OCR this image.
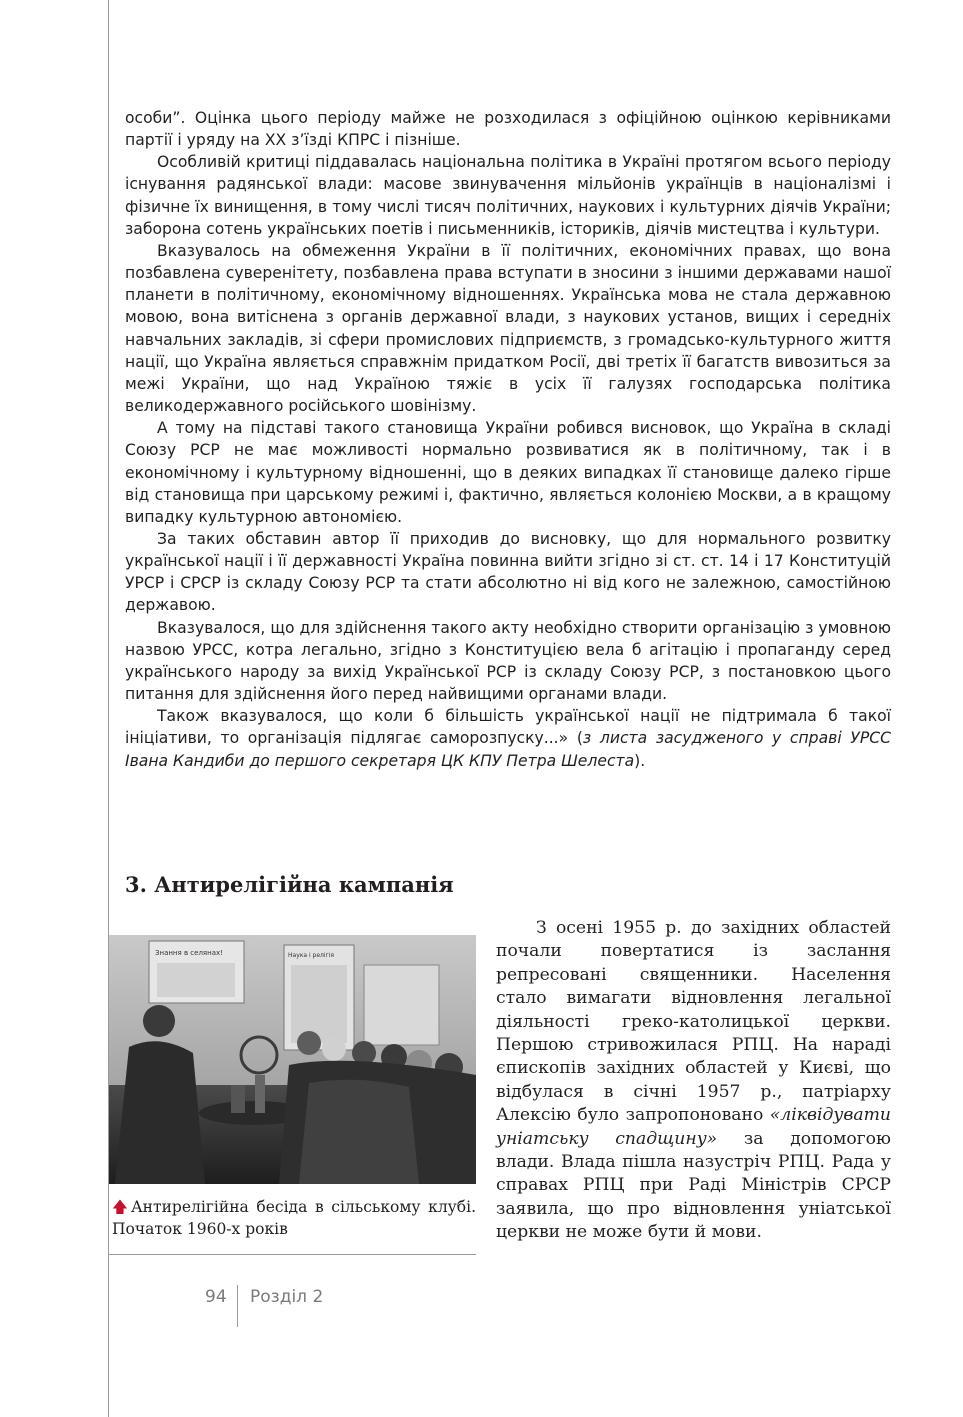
особи”. Оцінка цього періоду майже не розходилася з офіційною оцінкою керівниками партії і уряду на ХХ з’їзді КПРС і пізніше.

Особливій критиці піддавалась національна політика в Україні протягом всього періоду існування радянської влади: масове звинувачення мільйонів українців в націоналізмі і фізичне їх винищення, в тому числі тисяч політичних, наукових і культурних діячів України; заборона сотень українських поетів і письменників, істориків, діячів мистецтва і культури.

Вказувалось на обмеження України в її політичних, економічних правах, що вона позбавлена суверенітету, позбавлена права вступати в зносини з іншими державами нашої планети в політичному, економічному відношеннях. Українська мова не стала державною мовою, вона витіснена з органів державної влади, з наукових установ, вищих і середніх навчальних закладів, зі сфери промислових підприємств, з громадсько-культурного життя нації, що Україна являється справжнім придатком Росії, дві третіх її багатств вивозиться за межі України, що над Україною тяжіє в усіх її галузях господарська політика великодержавного російського шовінізму.

А тому на підставі такого становища України робився висновок, що Україна в складі Союзу РСР не має можливості нормально розвиватися як в політичному, так і в економічному і культурному відношенні, що в деяких випадках її становище далеко гірше від становища при царському режимі і, фактично, являється колонією Москви, а в кращому випадку культурною автономією.

За таких обставин автор її приходив до висновку, що для нормального розвитку української нації і її державності Україна повинна вийти згідно зі ст. ст. 14 і 17 Конституцій УРСР і СРСР із складу Союзу РСР та стати абсолютно ні від кого не залежною, самостійною державою.

Вказувалося, що для здійснення такого акту необхідно створити організацію з умовною назвою УРСС, котра легально, згідно з Конституцією вела б агітацію і пропаганду серед українського народу за вихід Української РСР із складу Союзу РСР, з постановкою цього питання для здійснення його перед найвищими органами влади.

Також вказувалося, що коли б більшість української нації не підтримала б такої ініціативи, то організація підлягає саморозпуску...» (з листа засудженого у справі УРСС Івана Кандиби до першого секретаря ЦК КПУ Петра Шелеста).

3. Антирелігійна кампанія
Знання в селянах!	Наука і релігія
🡅 Антирелігійна бесіда в сільському клубі. Початок 1960-х років

З осені 1955 р. до західних областей почали повертатися із заслання репресовані священники. Населення стало вимагати відновлення легальної діяльності греко-католицької церкви. Першою стривожилася РПЦ. На нараді єпископів західних областей у Києві, що відбулася в січні 1957 р., патріарху Алексію було запропоновано «ліквідувати уніатську спадщину» за допомогою влади. Влада пішла назустріч РПЦ. Рада у справах РПЦ при Раді Міністрів СРСР заявила, що про відновлення уніатської церкви не може бути й мови.

94 Розділ 2
